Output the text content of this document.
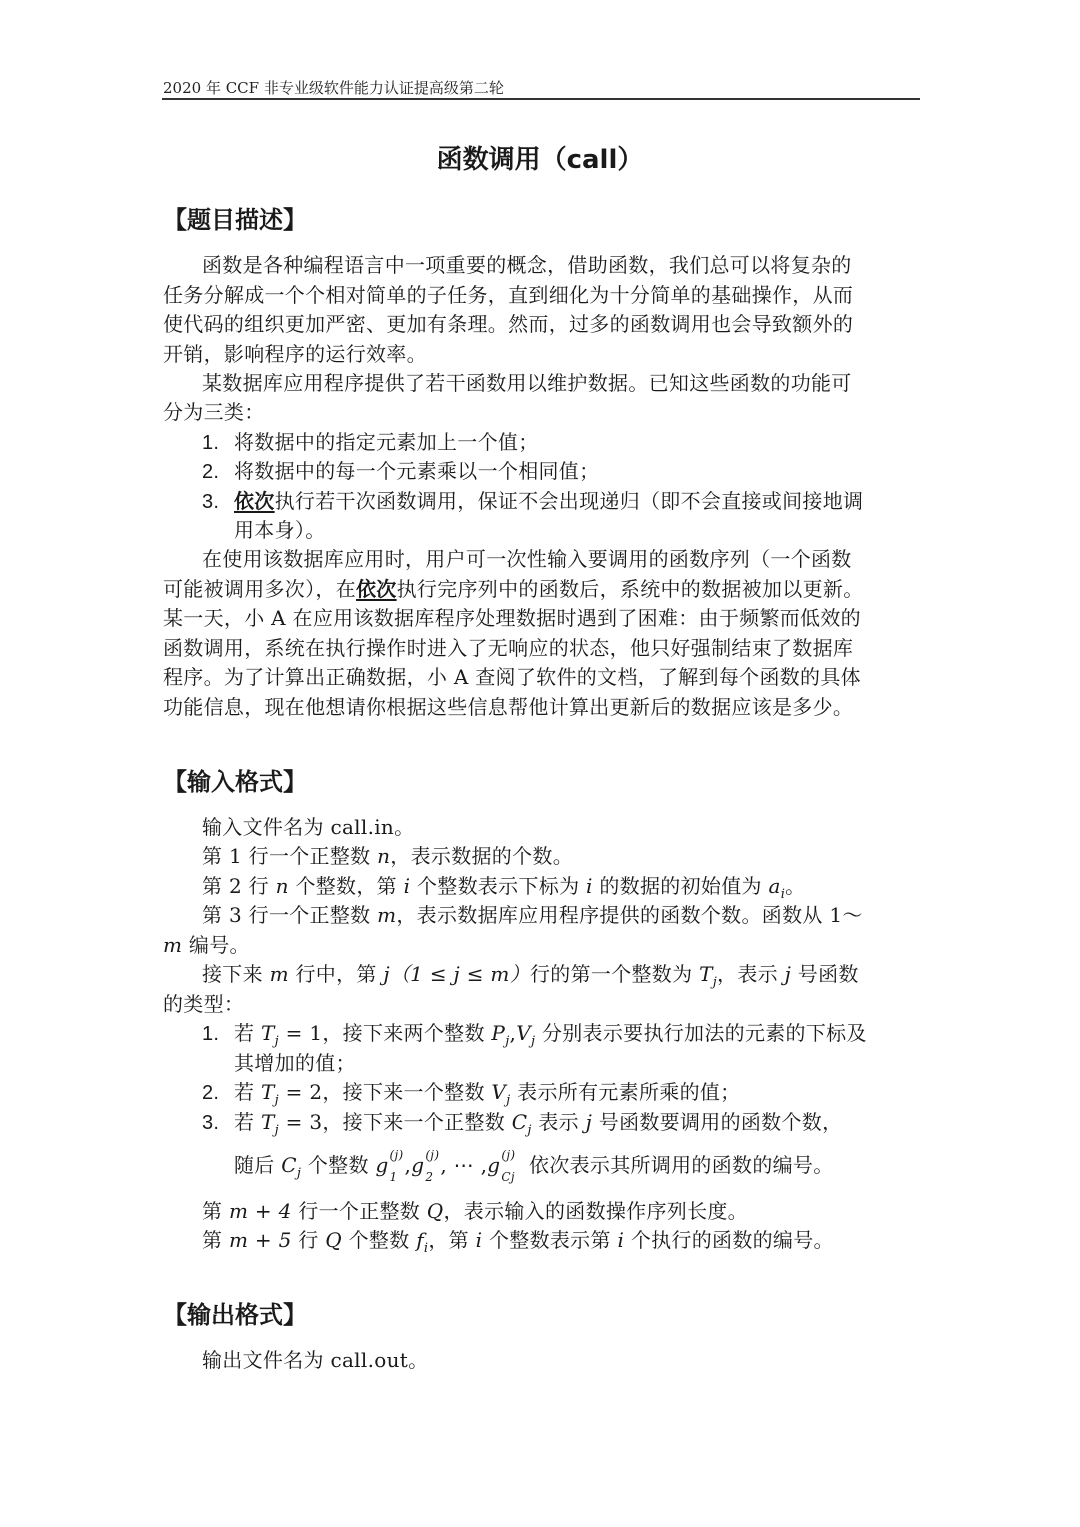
2020 年 CCF 非专业级软件能力认证提高级第二轮
函数调用（call）
【题目描述】
函数是各种编程语言中一项重要的概念，借助函数，我们总可以将复杂的
任务分解成一个个相对简单的子任务，直到细化为十分简单的基础操作，从而
使代码的组织更加严密、更加有条理。然而，过多的函数调用也会导致额外的
开销，影响程序的运行效率。
某数据库应用程序提供了若干函数用以维护数据。已知这些函数的功能可
分为三类：
1. 将数据中的指定元素加上一个值；
2. 将数据中的每一个元素乘以一个相同值；
3. 依次执行若干次函数调用，保证不会出现递归（即不会直接或间接地调
用本身）。
在使用该数据库应用时，用户可一次性输入要调用的函数序列（一个函数
可能被调用多次），在依次执行完序列中的函数后，系统中的数据被加以更新。
某一天，小 A 在应用该数据库程序处理数据时遇到了困难：由于频繁而低效的
函数调用，系统在执行操作时进入了无响应的状态，他只好强制结束了数据库
程序。为了计算出正确数据，小 A 查阅了软件的文档，了解到每个函数的具体
功能信息，现在他想请你根据这些信息帮他计算出更新后的数据应该是多少。
【输入格式】
输入文件名为 call.in。
第 1 行一个正整数 n，表示数据的个数。
第 2 行 n 个整数，第 i 个整数表示下标为 i 的数据的初始值为 $a_i$。
第 3 行一个正整数 m，表示数据库应用程序提供的函数个数。函数从 1～
m 编号。
接下来 m 行中，第 j（1 ≤ j ≤ m）行的第一个整数为 $T_j$，表示 j 号函数
的类型：
1. 若 $T_j = 1$，接下来两个整数 $P_j,V_j$ 分别表示要执行加法的元素的下标及
其增加的值；
2. 若 $T_j = 2$，接下来一个整数 $V_j$ 表示所有元素所乘的值；
3. 若 $T_j = 3$，接下来一个正整数 $C_j$ 表示 j 号函数要调用的函数个数，
随后 $C_j$ 个整数 g (j)
1 ,g (j)
2 , ⋯ ,g (j)
Cj 依次表示其所调用的函数的编号。
第 m + 4 行一个正整数 Q，表示输入的函数操作序列长度。
第 m + 5 行 Q 个整数 $f_i$，第 i 个整数表示第 i 个执行的函数的编号。
【输出格式】
输出文件名为 call.out。
